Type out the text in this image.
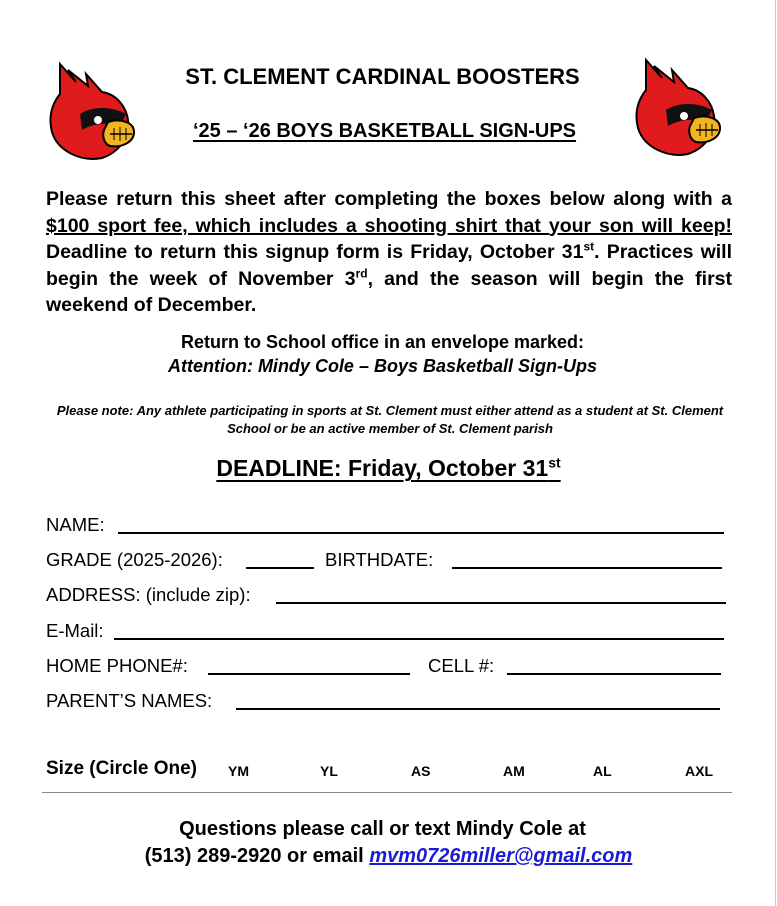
ST. CLEMENT CARDINAL BOOSTERS
‘25 – ‘26 BOYS BASKETBALL SIGN-UPS
Please return this sheet after completing the boxes below along with a $100 sport fee, which includes a shooting shirt that your son will keep! Deadline to return this signup form is Friday, October 31st. Practices will begin the week of November 3rd, and the season will begin the first weekend of December.
Return to School office in an envelope marked:
Attention: Mindy Cole – Boys Basketball Sign-Ups
Please note: Any athlete participating in sports at St. Clement must either attend as a student at St. Clement School or be an active member of St. Clement parish
DEADLINE: Friday, October 31st
NAME:
GRADE (2025-2026):	BIRTHDATE:
ADDRESS: (include zip):
E-Mail:
HOME PHONE#:	CELL #:
PARENT’S NAMES:
Size (Circle One) YM	YL	AS	AM	AL	AXL
Questions please call or text Mindy Cole at
(513) 289-2920 or email mvm0726miller@gmail.com
